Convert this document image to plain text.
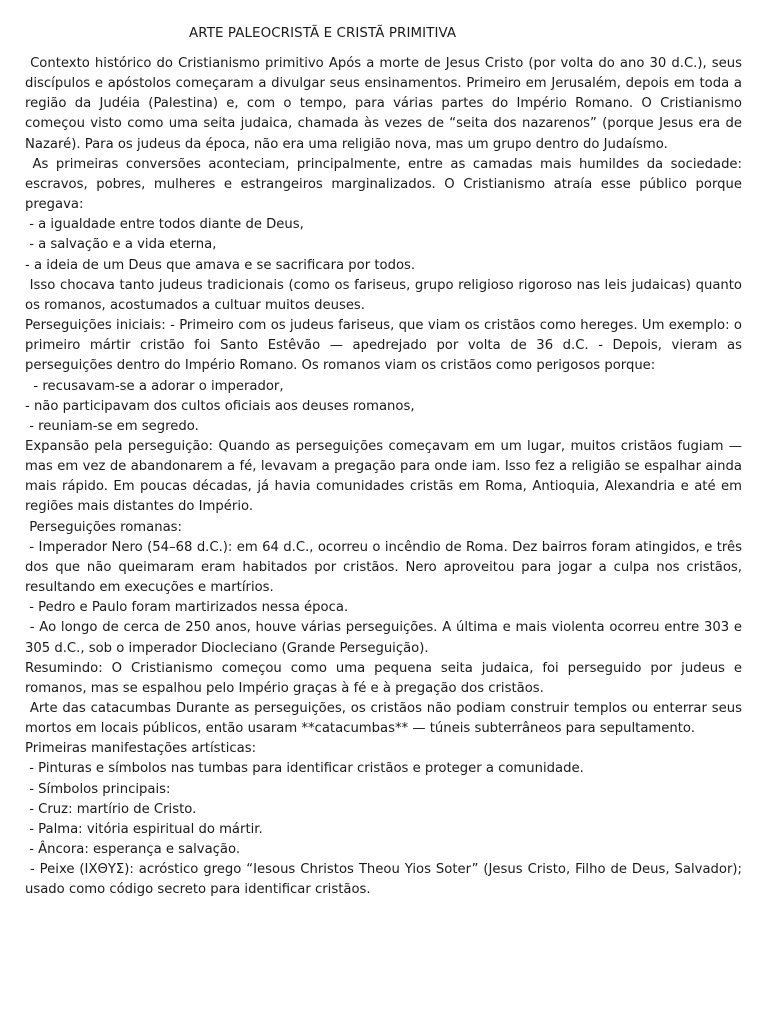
ARTE PALEOCRISTÃ E CRISTÃ PRIMITIVA

Contexto histórico do Cristianismo primitivo Após a morte de Jesus Cristo (por volta do ano 30 d.C.), seus discípulos e apóstolos começaram a divulgar seus ensinamentos. Primeiro em Jerusalém, depois em toda a região da Judéia (Palestina) e, com o tempo, para várias partes do Império Romano. O Cristianismo começou visto como uma seita judaica, chamada às vezes de “seita dos nazarenos” (porque Jesus era de Nazaré). Para os judeus da época, não era uma religião nova, mas um grupo dentro do Judaísmo.

As primeiras conversões aconteciam, principalmente, entre as camadas mais humildes da sociedade: escravos, pobres, mulheres e estrangeiros marginalizados. O Cristianismo atraía esse público porque pregava:

- a igualdade entre todos diante de Deus,

- a salvação e a vida eterna,

- a ideia de um Deus que amava e se sacrificara por todos.

Isso chocava tanto judeus tradicionais (como os fariseus, grupo religioso rigoroso nas leis judaicas) quanto os romanos, acostumados a cultuar muitos deuses.

Perseguições iniciais: - Primeiro com os judeus fariseus, que viam os cristãos como hereges. Um exemplo: o primeiro mártir cristão foi Santo Estêvão — apedrejado por volta de 36 d.C. - Depois, vieram as perseguições dentro do Império Romano. Os romanos viam os cristãos como perigosos porque:

- recusavam-se a adorar o imperador,

- não participavam dos cultos oficiais aos deuses romanos,

- reuniam-se em segredo.

Expansão pela perseguição: Quando as perseguições começavam em um lugar, muitos cristãos fugiam — mas em vez de abandonarem a fé, levavam a pregação para onde iam. Isso fez a religião se espalhar ainda mais rápido. Em poucas décadas, já havia comunidades cristãs em Roma, Antioquia, Alexandria e até em regiões mais distantes do Império.

Perseguições romanas:

- Imperador Nero (54–68 d.C.): em 64 d.C., ocorreu o incêndio de Roma. Dez bairros foram atingidos, e três dos que não queimaram eram habitados por cristãos. Nero aproveitou para jogar a culpa nos cristãos, resultando em execuções e martírios.

- Pedro e Paulo foram martirizados nessa época.

- Ao longo de cerca de 250 anos, houve várias perseguições. A última e mais violenta ocorreu entre 303 e 305 d.C., sob o imperador Diocleciano (Grande Perseguição).

Resumindo: O Cristianismo começou como uma pequena seita judaica, foi perseguido por judeus e romanos, mas se espalhou pelo Império graças à fé e à pregação dos cristãos.

Arte das catacumbas Durante as perseguições, os cristãos não podiam construir templos ou enterrar seus mortos em locais públicos, então usaram **catacumbas** — túneis subterrâneos para sepultamento.

Primeiras manifestações artísticas:

- Pinturas e símbolos nas tumbas para identificar cristãos e proteger a comunidade.

- Símbolos principais:

- Cruz: martírio de Cristo.

- Palma: vitória espiritual do mártir.

- Âncora: esperança e salvação.

- Peixe (ΙΧΘΥΣ): acróstico grego “Iesous Christos Theou Yios Soter” (Jesus Cristo, Filho de Deus, Salvador); usado como código secreto para identificar cristãos.
